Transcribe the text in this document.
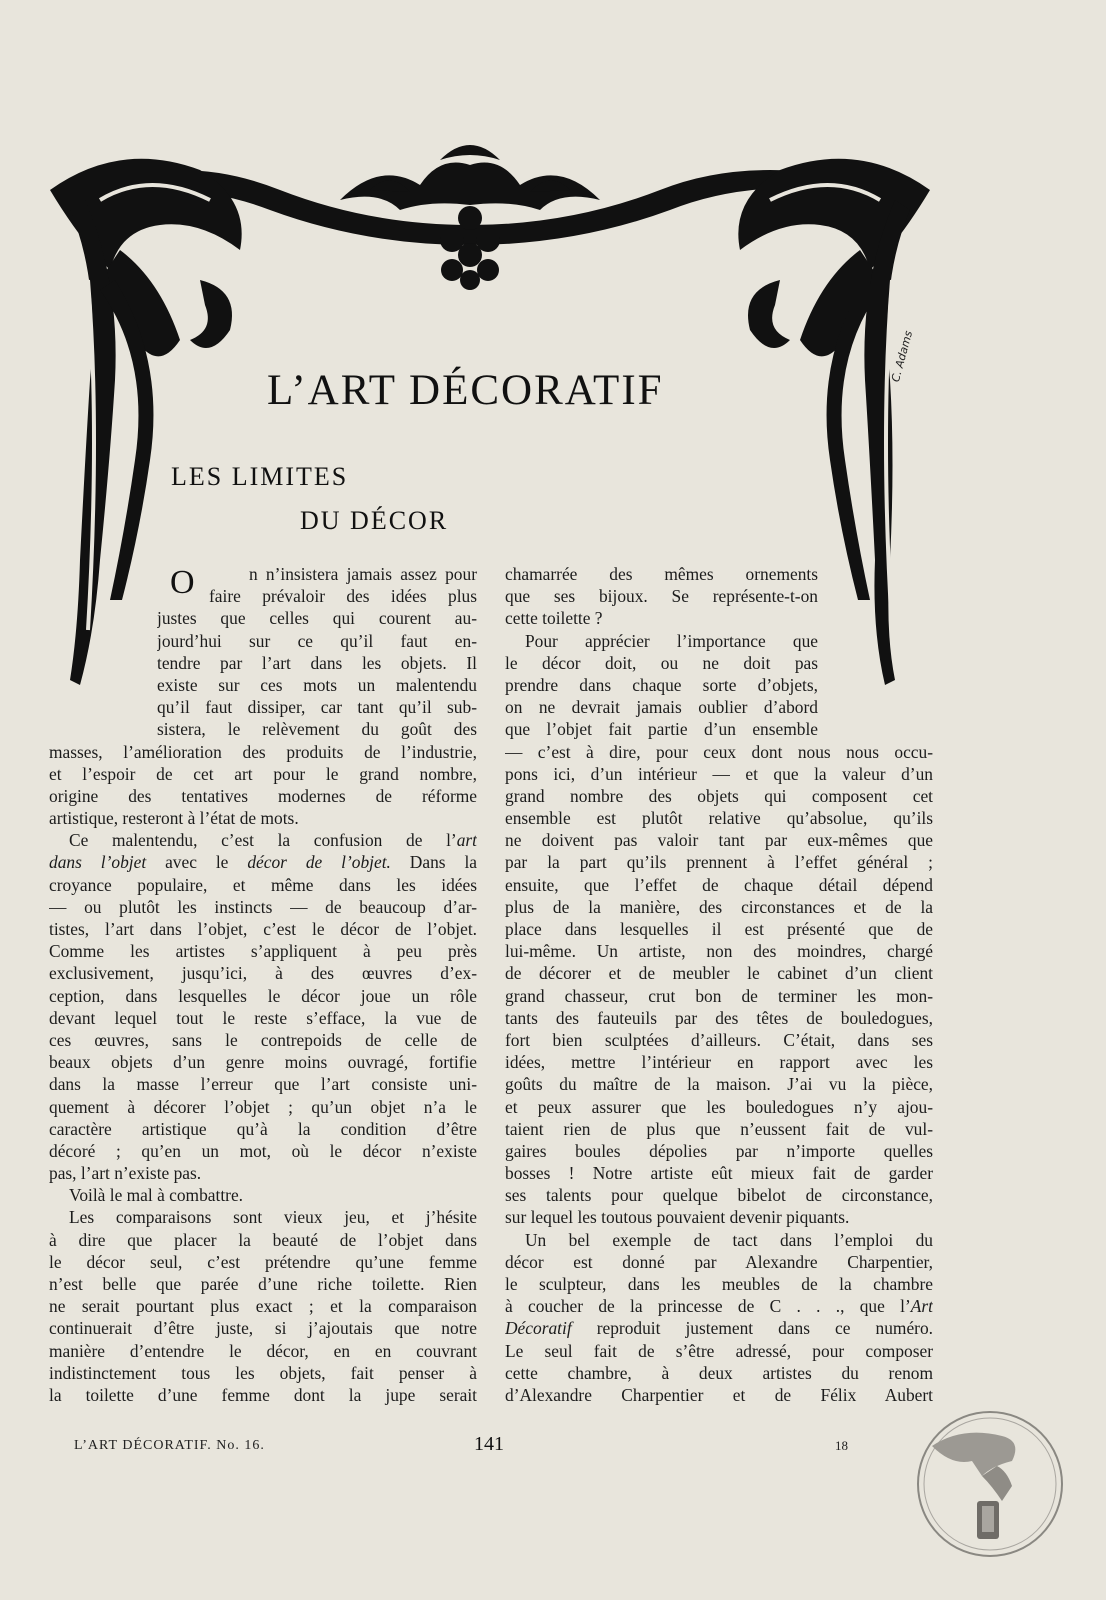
C. Adams
L’ART DÉCORATIF
LES LIMITES
DU DÉCOR
O	n n’insistera jamais assez pour
faire prévaloir des idées plus
justes que celles qui courent au-
jourd’hui sur ce qu’il faut en-
tendre par l’art dans les objets. Il
existe sur ces mots un malentendu
qu’il faut dissiper, car tant qu’il sub-
sistera, le relèvement du goût des
masses, l’amélioration des produits de l’industrie,
et l’espoir de cet art pour le grand nombre,
origine des tentatives modernes de réforme
artistique, resteront à l’état de mots.
Ce malentendu, c’est la confusion de l’art
dans l’objet avec le décor de l’objet. Dans la
croyance populaire, et même dans les idées
— ou plutôt les instincts — de beaucoup d’ar-
tistes, l’art dans l’objet, c’est le décor de l’objet.
Comme les artistes s’appliquent à peu près
exclusivement, jusqu’ici, à des œuvres d’ex-
ception, dans lesquelles le décor joue un rôle
devant lequel tout le reste s’efface, la vue de
ces œuvres, sans le contrepoids de celle de
beaux objets d’un genre moins ouvragé, fortifie
dans la masse l’erreur que l’art consiste uni-
quement à décorer l’objet ; qu’un objet n’a le
caractère artistique qu’à la condition d’être
décoré ; qu’en un mot, où le décor n’existe
pas, l’art n’existe pas.
Voilà le mal à combattre.
Les comparaisons sont vieux jeu, et j’hésite
à dire que placer la beauté de l’objet dans
le décor seul, c’est prétendre qu’une femme
n’est belle que parée d’une riche toilette. Rien
ne serait pourtant plus exact ; et la comparaison
continuerait d’être juste, si j’ajoutais que notre
manière d’entendre le décor, en en couvrant
indistinctement tous les objets, fait penser à
la toilette d’une femme dont la jupe serait
chamarrée des mêmes ornements
que ses bijoux. Se représente-t-on
cette toilette ?
Pour apprécier l’importance que
le décor doit, ou ne doit pas
prendre dans chaque sorte d’objets,
on ne devrait jamais oublier d’abord
que l’objet fait partie d’un ensemble
— c’est à dire, pour ceux dont nous nous occu-
pons ici, d’un intérieur — et que la valeur d’un
grand nombre des objets qui composent cet
ensemble est plutôt relative qu’absolue, qu’ils
ne doivent pas valoir tant par eux-mêmes que
par la part qu’ils prennent à l’effet général ;
ensuite, que l’effet de chaque détail dépend
plus de la manière, des circonstances et de la
place dans lesquelles il est présenté que de
lui-même. Un artiste, non des moindres, chargé
de décorer et de meubler le cabinet d’un client
grand chasseur, crut bon de terminer les mon-
tants des fauteuils par des têtes de bouledogues,
fort bien sculptées d’ailleurs. C’était, dans ses
idées, mettre l’intérieur en rapport avec les
goûts du maître de la maison. J’ai vu la pièce,
et peux assurer que les bouledogues n’y ajou-
taient rien de plus que n’eussent fait de vul-
gaires boules dépolies par n’importe quelles
bosses ! Notre artiste eût mieux fait de garder
ses talents pour quelque bibelot de circonstance,
sur lequel les toutous pouvaient devenir piquants.
Un bel exemple de tact dans l’emploi du
décor est donné par Alexandre Charpentier,
le sculpteur, dans les meubles de la chambre
à coucher de la princesse de C . . ., que l’Art
Décoratif reproduit justement dans ce numéro.
Le seul fait de s’être adressé, pour composer
cette chambre, à deux artistes du renom
d’Alexandre Charpentier et de Félix Aubert
L’ART DÉCORATIF. No. 16.	141	18
